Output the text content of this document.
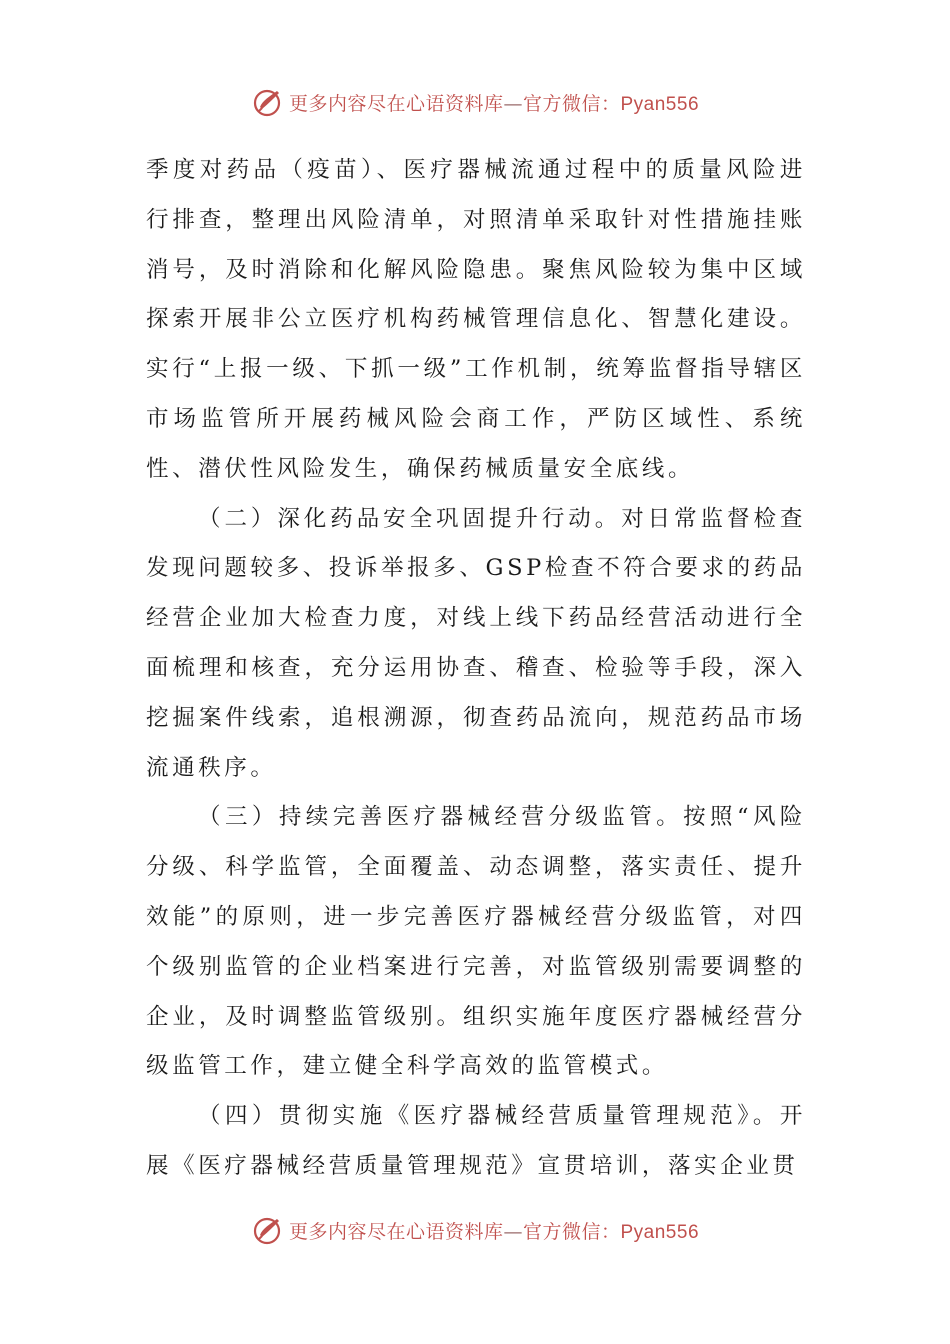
更多内容尽在心语资料库—官方微信：Pyan556

季度对药品（疫苗）、医疗器械流通过程中的质量风险进行排查，整理出风险清单，对照清单采取针对性措施挂账消号，及时消除和化解风险隐患。聚焦风险较为集中区域探索开展非公立医疗机构药械管理信息化、智慧化建设。实行“上报一级、下抓一级”工作机制，统筹监督指导辖区市场监管所开展药械风险会商工作，严防区域性、系统性、潜伏性风险发生，确保药械质量安全底线。

（二）深化药品安全巩固提升行动。对日常监督检查发现问题较多、投诉举报多、GSP检查不符合要求的药品经营企业加大检查力度，对线上线下药品经营活动进行全面梳理和核查，充分运用协查、稽查、检验等手段，深入挖掘案件线索，追根溯源，彻查药品流向，规范药品市场流通秩序。

（三）持续完善医疗器械经营分级监管。按照“风险分级、科学监管，全面覆盖、动态调整，落实责任、提升效能”的原则，进一步完善医疗器械经营分级监管，对四个级别监管的企业档案进行完善，对监管级别需要调整的企业，及时调整监管级别。组织实施年度医疗器械经营分级监管工作，建立健全科学高效的监管模式。

（四）贯彻实施《医疗器械经营质量管理规范》。开展《医疗器械经营质量管理规范》宣贯培训，落实企业贯

更多内容尽在心语资料库—官方微信：Pyan556
